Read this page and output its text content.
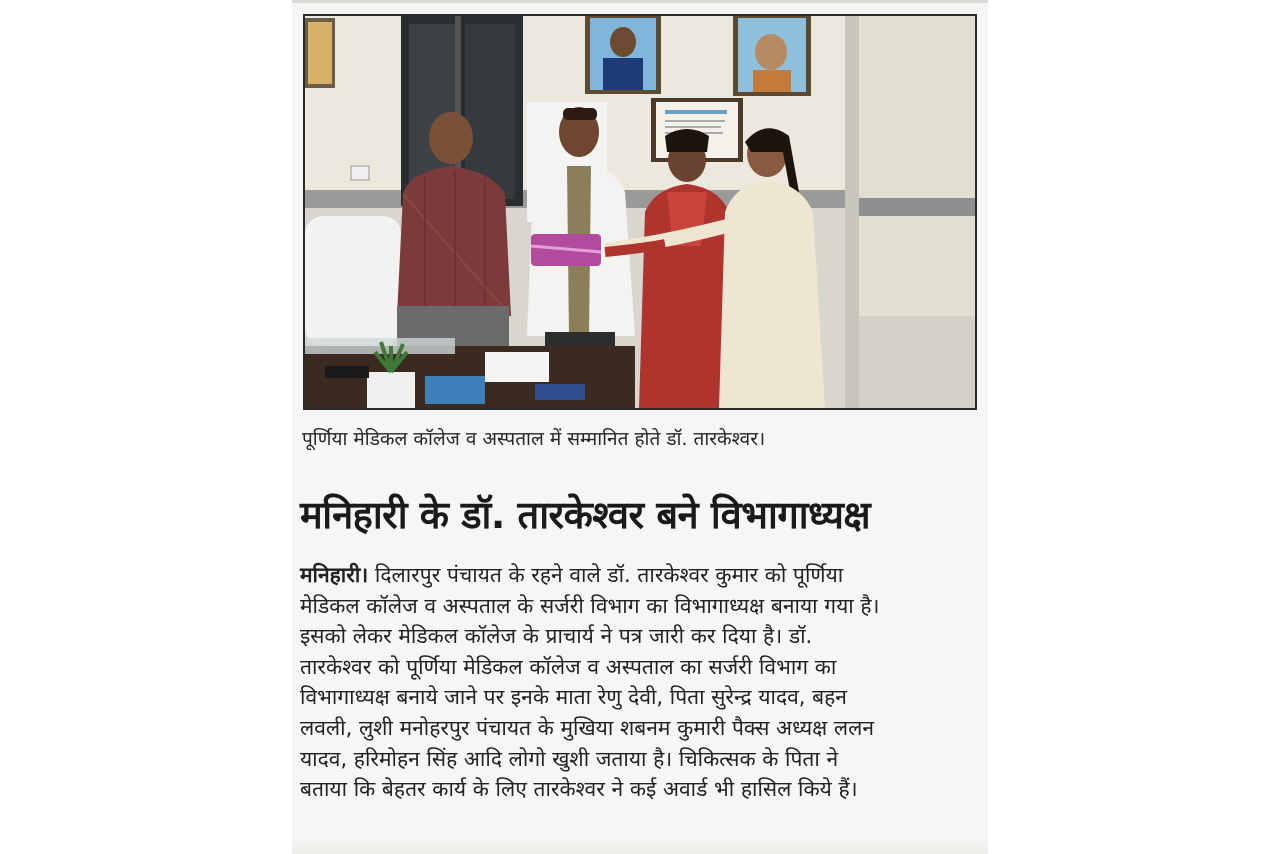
पूर्णिया मेडिकल कॉलेज व अस्पताल में सम्मानित होते डॉ. तारकेश्वर।
मनिहारी के डॉ. तारकेश्वर बने विभागाध्यक्ष
मनिहारी। दिलारपुर पंचायत के रहने वाले डॉ. तारकेश्वर कुमार को पूर्णिया
मेडिकल कॉलेज व अस्पताल के सर्जरी विभाग का विभागाध्यक्ष बनाया गया है।
इसको लेकर मेडिकल कॉलेज के प्राचार्य ने पत्र जारी कर दिया है। डॉ.
तारकेश्वर को पूर्णिया मेडिकल कॉलेज व अस्पताल का सर्जरी विभाग का
विभागाध्यक्ष बनाये जाने पर इनके माता रेणु देवी, पिता सुरेन्द्र यादव, बहन
लवली, लुशी मनोहरपुर पंचायत के मुखिया शबनम कुमारी पैक्स अध्यक्ष ललन
यादव, हरिमोहन सिंह आदि लोगो खुशी जताया है। चिकित्सक के पिता ने
बताया कि बेहतर कार्य के लिए तारकेश्वर ने कई अवार्ड भी हासिल किये हैं।
